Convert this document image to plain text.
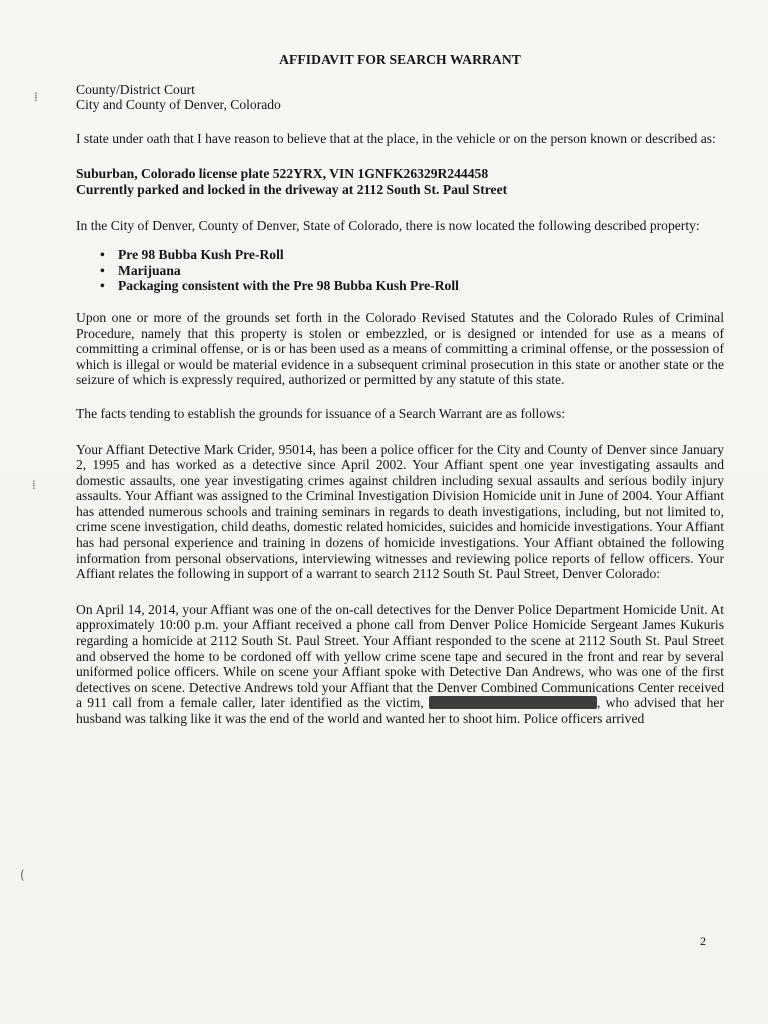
⁞
⁞
(

AFFIDAVIT FOR SEARCH WARRANT

County/District Court

City and County of Denver, Colorado

I state under oath that I have reason to believe that at the place, in the vehicle or on the person known or described as:

Suburban, Colorado license plate 522YRX, VIN 1GNFK26329R244458

Currently parked and locked in the driveway at 2112 South St. Paul Street

In the City of Denver, County of Denver, State of Colorado, there is now located the following described property:

• Pre 98 Bubba Kush Pre-Roll
• Marijuana
• Packaging consistent with the Pre 98 Bubba Kush Pre-Roll

Upon one or more of the grounds set forth in the Colorado Revised Statutes and the Colorado Rules of Criminal Procedure, namely that this property is stolen or embezzled, or is designed or intended for use as a means of committing a criminal offense, or is or has been used as a means of committing a criminal offense, or the possession of which is illegal or would be material evidence in a subsequent criminal prosecution in this state or another state or the seizure of which is expressly required, authorized or permitted by any statute of this state.

The facts tending to establish the grounds for issuance of a Search Warrant are as follows:

Your Affiant Detective Mark Crider, 95014, has been a police officer for the City and County of Denver since January 2, 1995 and has worked as a detective since April 2002. Your Affiant spent one year investigating assaults and domestic assaults, one year investigating crimes against children including sexual assaults and serious bodily injury assaults. Your Affiant was assigned to the Criminal Investigation Division Homicide unit in June of 2004. Your Affiant has attended numerous schools and training seminars in regards to death investigations, including, but not limited to, crime scene investigation, child deaths, domestic related homicides, suicides and homicide investigations. Your Affiant has had personal experience and training in dozens of homicide investigations. Your Affiant obtained the following information from personal observations, interviewing witnesses and reviewing police reports of fellow officers. Your Affiant relates the following in support of a warrant to search 2112 South St. Paul Street, Denver Colorado:

On April 14, 2014, your Affiant was one of the on-call detectives for the Denver Police Department Homicide Unit. At approximately 10:00 p.m. your Affiant received a phone call from Denver Police Homicide Sergeant James Kukuris regarding a homicide at 2112 South St. Paul Street. Your Affiant responded to the scene at 2112 South St. Paul Street and observed the home to be cordoned off with yellow crime scene tape and secured in the front and rear by several uniformed police officers. While on scene your Affiant spoke with Detective Dan Andrews, who was one of the first detectives on scene. Detective Andrews told your Affiant that the Denver Combined Communications Center received a 911 call from a female caller, later identified as the victim,	, who advised that her husband was talking like it was the end of the world and wanted her to shoot him. Police officers arrived

2
